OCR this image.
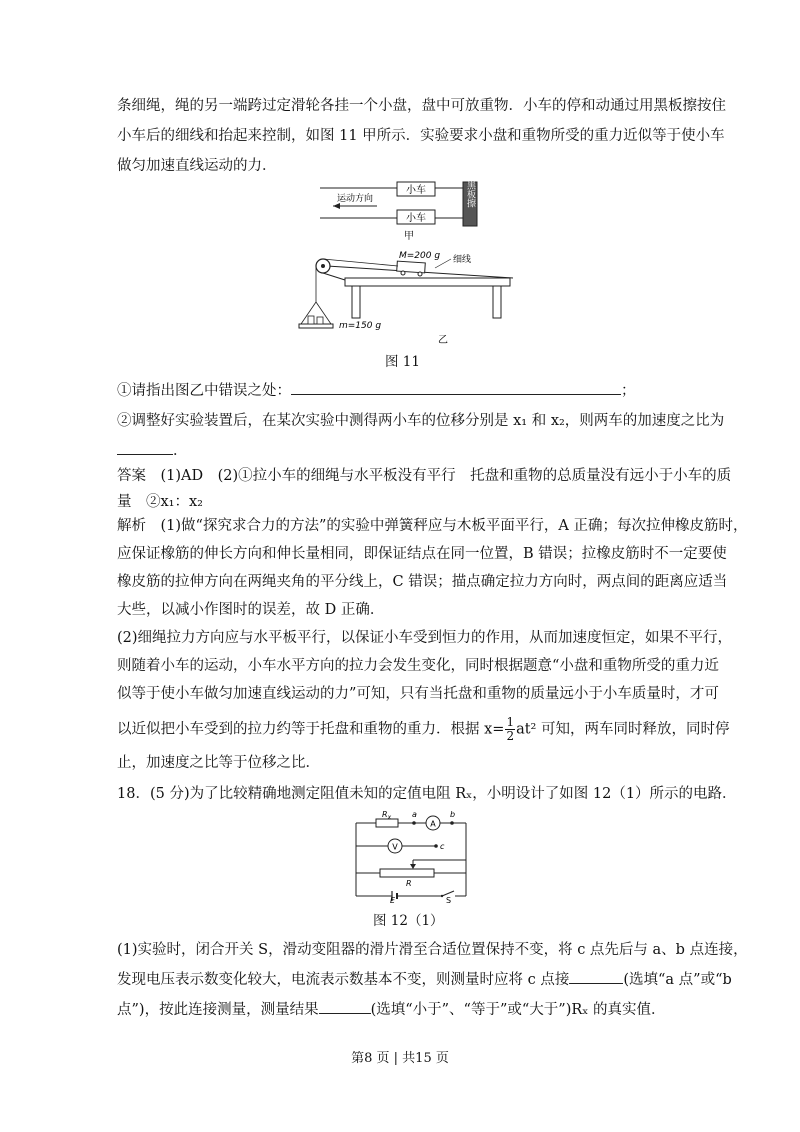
条细绳，绳的另一端跨过定滑轮各挂一个小盘，盘中可放重物．小车的停和动通过用黑板擦按住
小车后的细线和抬起来控制，如图 11 甲所示．实验要求小盘和重物所受的重力近似等于使小车
做匀加速直线运动的力．
小车
小车
运动方向	黑板擦
甲
M=200 g 细线
m=150 g
乙
图 11
①请指出图乙中错误之处：	；
②调整好实验装置后，在某次实验中测得两小车的位移分别是 x₁ 和 x₂，则两车的加速度之比为
．
答案　(1)AD　(2)①拉小车的细绳与水平板没有平行　托盘和重物的总质量没有远小于小车的质
量　②x₁：x₂
解析　(1)做“探究求合力的方法”的实验中弹簧秤应与木板平面平行，A 正确；每次拉伸橡皮筋时，
应保证橡筋的伸长方向和伸长量相同，即保证结点在同一位置，B 错误；拉橡皮筋时不一定要使
橡皮筋的拉伸方向在两绳夹角的平分线上，C 错误；描点确定拉力方向时，两点间的距离应适当
大些，以减小作图时的误差，故 D 正确．
(2)细绳拉力方向应与水平板平行，以保证小车受到恒力的作用，从而加速度恒定，如果不平行，
则随着小车的运动，小车水平方向的拉力会发生变化，同时根据题意“小盘和重物所受的重力近
似等于使小车做匀加速直线运动的力”可知，只有当托盘和重物的质量远小于小车质量时，才可
以近似把小车受到的拉力约等于托盘和重物的重力．根据 $x= \frac{1}{2} at^2$ 可知，两车同时释放，同时停
止，加速度之比等于位移之比．
18．(5 分)为了比较精确地测定阻值未知的定值电阻 Rₓ，小明设计了如图 12（1）所示的电路．
$R_x$	a
A
b
V	c
R
E	S
图 12（1）
(1)实验时，闭合开关 S，滑动变阻器的滑片滑至合适位置保持不变，将 c 点先后与 a、b 点连接，
发现电压表示数变化较大，电流表示数基本不变，则测量时应将 c 点接	(选填“a 点”或“b
点”)，按此连接测量，测量结果	(选填“小于”、“等于”或“大于”)Rₓ 的真实值．
第8 页 | 共15 页
